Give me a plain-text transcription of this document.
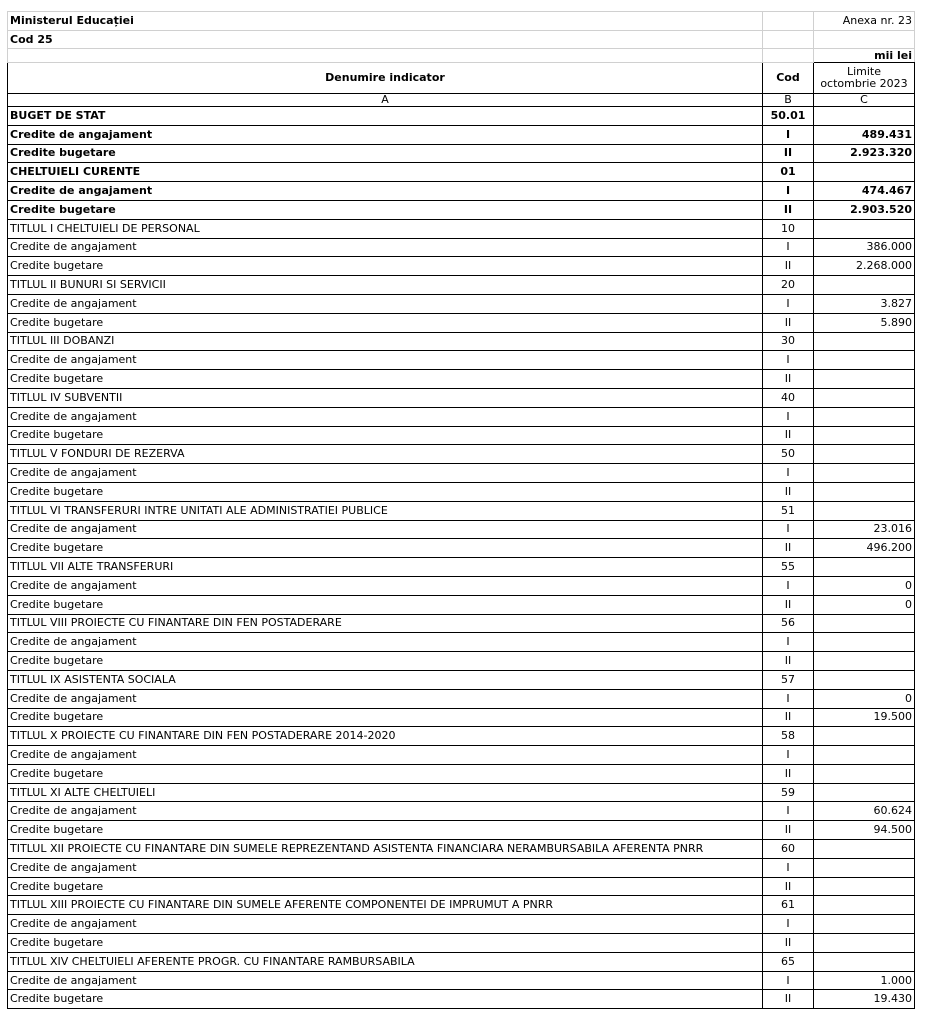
Ministerul Educației		Anexa nr. 23
Cod 25		
		mii lei
Denumire indicator	Cod	Limite
octombrie 2023

A	B	C
BUGET DE STAT	50.01	
Credite de angajament	I	489.431
Credite bugetare	II	2.923.320
CHELTUIELI CURENTE	01	
Credite de angajament	I	474.467
Credite bugetare	II	2.903.520
TITLUL I CHELTUIELI DE PERSONAL	10	
Credite de angajament	I	386.000
Credite bugetare	II	2.268.000
TITLUL II BUNURI SI SERVICII	20	
Credite de angajament	I	3.827
Credite bugetare	II	5.890
TITLUL III DOBANZI	30	
Credite de angajament	I	
Credite bugetare	II	
TITLUL IV SUBVENTII	40	
Credite de angajament	I	
Credite bugetare	II	
TITLUL V FONDURI DE REZERVA	50	
Credite de angajament	I	
Credite bugetare	II	
TITLUL VI TRANSFERURI INTRE UNITATI ALE ADMINISTRATIEI PUBLICE	51	
Credite de angajament	I	23.016
Credite bugetare	II	496.200
TITLUL VII ALTE TRANSFERURI	55	
Credite de angajament	I	0
Credite bugetare	II	0
TITLUL VIII PROIECTE CU FINANTARE DIN FEN POSTADERARE	56	
Credite de angajament	I	
Credite bugetare	II	
TITLUL IX ASISTENTA SOCIALA	57	
Credite de angajament	I	0
Credite bugetare	II	19.500
TITLUL X PROIECTE CU FINANTARE DIN FEN POSTADERARE 2014-2020	58	
Credite de angajament	I	
Credite bugetare	II	
TITLUL XI ALTE CHELTUIELI	59	
Credite de angajament	I	60.624
Credite bugetare	II	94.500
TITLUL XII PROIECTE CU FINANTARE DIN SUMELE REPREZENTAND ASISTENTA FINANCIARA NERAMBURSABILA AFERENTA PNRR	60	
Credite de angajament	I	
Credite bugetare	II	
TITLUL XIII PROIECTE CU FINANTARE DIN SUMELE AFERENTE COMPONENTEI DE IMPRUMUT A PNRR	61	
Credite de angajament	I	
Credite bugetare	II	
TITLUL XIV CHELTUIELI AFERENTE PROGR. CU FINANTARE RAMBURSABILA	65	
Credite de angajament	I	1.000
Credite bugetare	II	19.430
